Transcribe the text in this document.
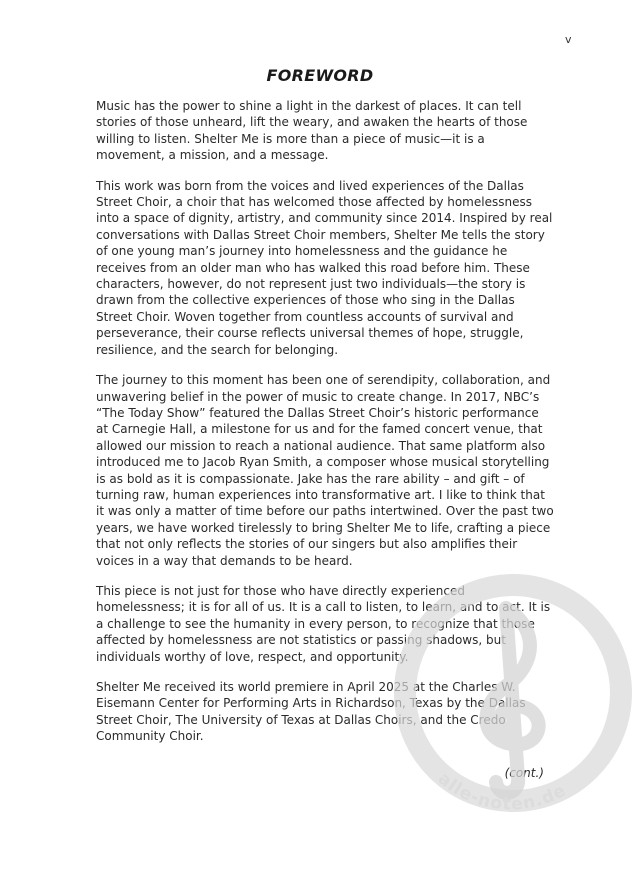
v
FOREWORD

Music has the power to shine a light in the darkest of places. It can tell stories of those unheard, lift the weary, and awaken the hearts of those willing to listen. Shelter Me is more than a piece of music—it is a movement, a mission, and a message.

This work was born from the voices and lived experiences of the Dallas Street Choir, a choir that has welcomed those affected by homelessness into a space of dignity, artistry, and community since 2014. Inspired by real conversations with Dallas Street Choir members, Shelter Me tells the story of one young man’s journey into homelessness and the guidance he receives from an older man who has walked this road before him. These characters, however, do not represent just two individuals—the story is drawn from the collective experiences of those who sing in the Dallas Street Choir. Woven together from countless accounts of survival and perseverance, their course reflects universal themes of hope, struggle, resilience, and the search for belonging.

The journey to this moment has been one of serendipity, collaboration, and unwavering belief in the power of music to create change. In 2017, NBC’s “The Today Show” featured the Dallas Street Choir’s historic performance at Carnegie Hall, a milestone for us and for the famed concert venue, that allowed our mission to reach a national audience. That same platform also introduced me to Jacob Ryan Smith, a composer whose musical storytelling is as bold as it is compassionate. Jake has the rare ability – and gift – of turning raw, human experiences into transformative art. I like to think that it was only a matter of time before our paths intertwined. Over the past two years, we have worked tirelessly to bring Shelter Me to life, crafting a piece that not only reflects the stories of our singers but also amplifies their voices in a way that demands to be heard.

This piece is not just for those who have directly experienced homelessness; it is for all of us. It is a call to listen, to learn, and to act. It is a challenge to see the humanity in every person, to recognize that those affected by homelessness are not statistics or passing shadows, but individuals worthy of love, respect, and opportunity.

Shelter Me received its world premiere in April 2025 at the Charles W. Eisemann Center for Performing Arts in Richardson, Texas by the Dallas Street Choir, The University of Texas at Dallas Choirs, and the Credo Community Choir.

(cont.)
alle-noten.de
